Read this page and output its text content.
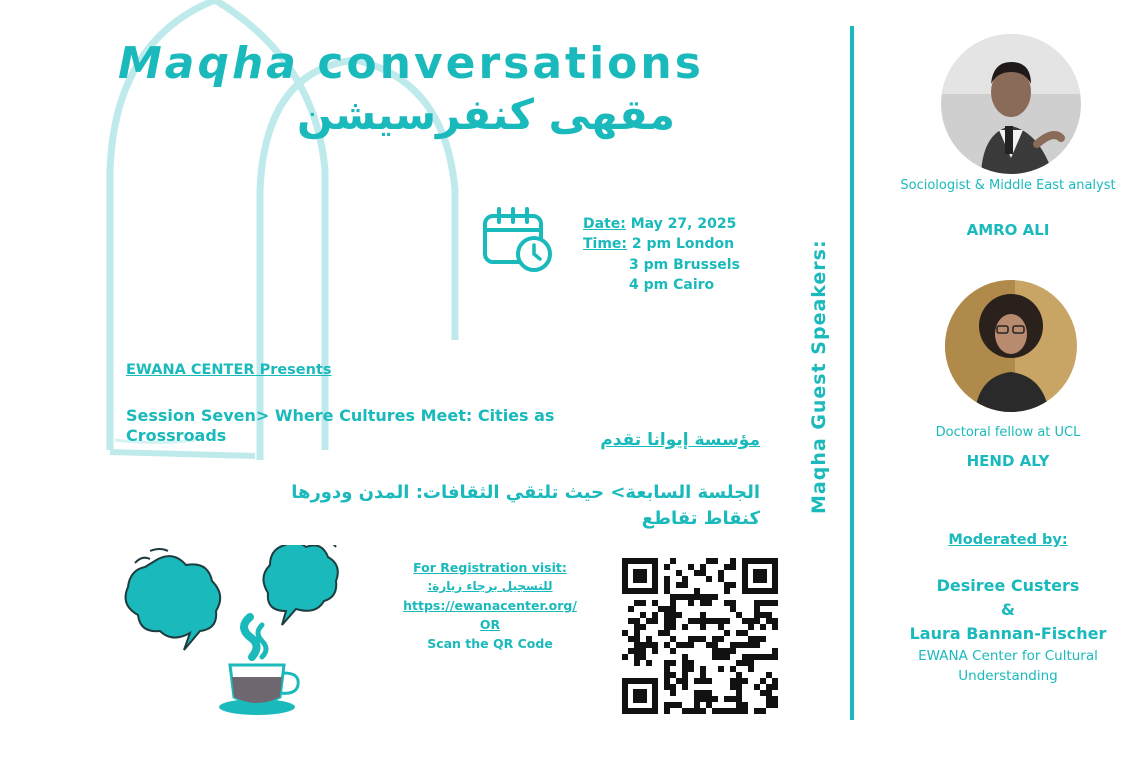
Maqha conversations
مقهى كنفرسيشن
Date: May 27, 2025
Time: 2 pm London
3 pm Brussels
4 pm Cairo
EWANA CENTER Presents
Session Seven> Where Cultures Meet: Cities as Crossroads	مؤسسة إيوانا تقدم
الجلسة السابعة> حيث تلتقي الثقافات: المدن ودورها كنقاط تقاطع
For Registration visit:
للتسجيل برجاء زيارة:
https://ewanacenter.org/
OR
Scan the QR Code
Maqha Guest Speakers:
Sociologist & Middle East analyst
AMRO ALI
Doctoral fellow at UCL
HEND ALY
Moderated by:
Desiree Custers
&
Laura Bannan-Fischer
EWANA Center for Cultural Understanding
